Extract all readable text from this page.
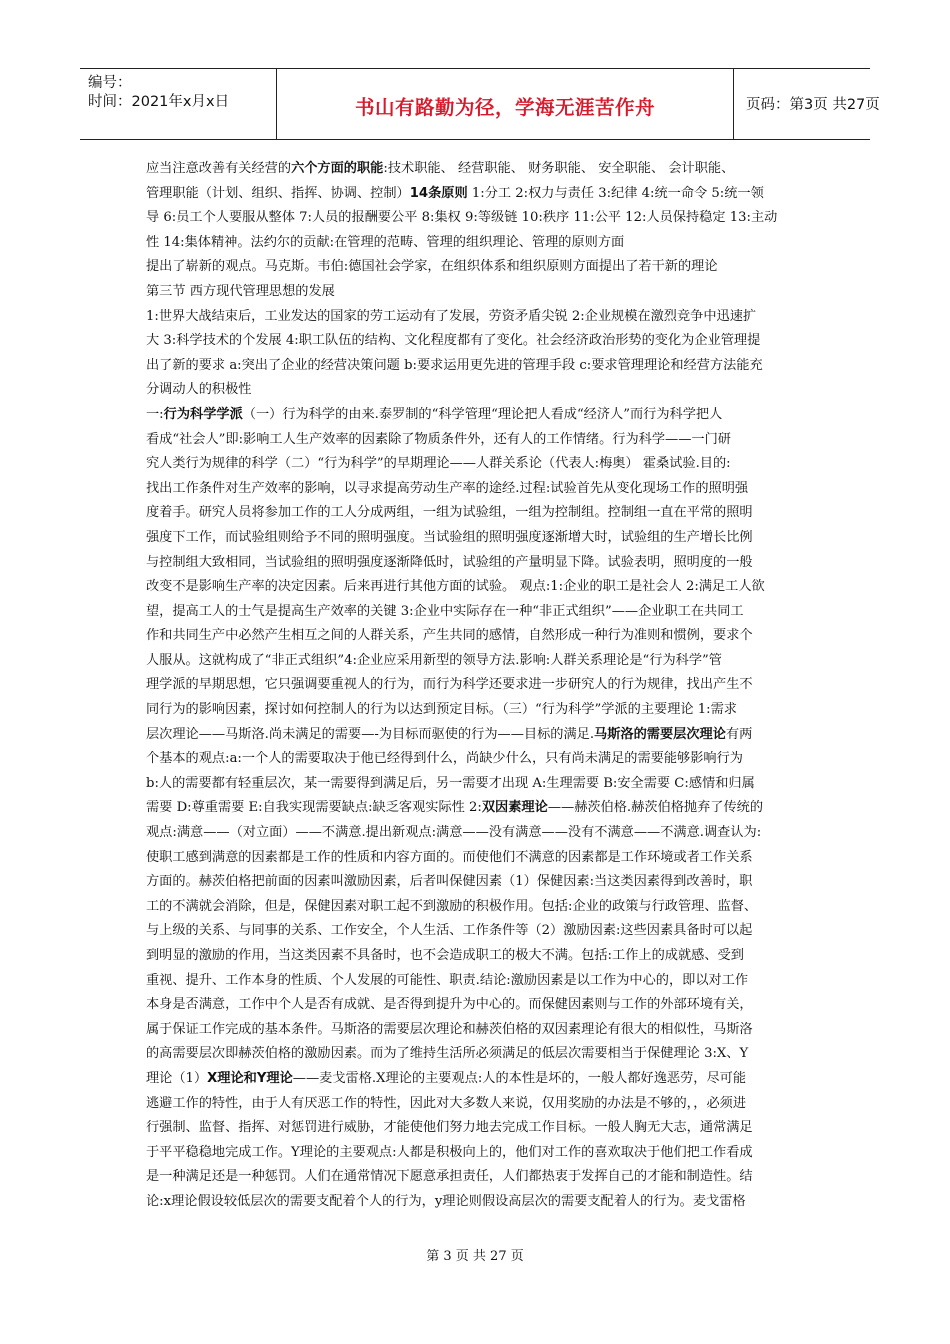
编号：
时间：2021年x月x日	书山有路勤为径，学海无涯苦作舟	页码：第3页 共27页
应当注意改善有关经营的六个方面的职能:技术职能、 经营职能、 财务职能、 安全职能、 会计职能、
管理职能（计划、组织、指挥、协调、控制）14条原则 1:分工 2:权力与责任 3:纪律 4:统一命令 5:统一领
导 6:员工个人要服从整体 7:人员的报酬要公平 8:集权 9:等级链 10:秩序 11:公平 12:人员保持稳定 13:主动
性 14:集体精神。法约尔的贡献:在管理的范畴、管理的组织理论、管理的原则方面
提出了崭新的观点。马克斯。韦伯:德国社会学家，在组织体系和组织原则方面提出了若干新的理论
第三节 西方现代管理思想的发展
1:世界大战结束后，工业发达的国家的劳工运动有了发展，劳资矛盾尖锐 2:企业规模在激烈竞争中迅速扩
大 3:科学技术的个发展 4:职工队伍的结构、文化程度都有了变化。社会经济政治形势的变化为企业管理提
出了新的要求 a:突出了企业的经营决策问题 b:要求运用更先进的管理手段 c:要求管理理论和经营方法能充
分调动人的积极性
一:行为科学学派（一）行为科学的由来.泰罗制的“科学管理“理论把人看成“经济人”而行为科学把人
看成“社会人”即:影响工人生产效率的因素除了物质条件外，还有人的工作情绪。行为科学——一门研
究人类行为规律的科学（二）“行为科学”的早期理论——人群关系论（代表人:梅奥） 霍桑试验.目的:
找出工作条件对生产效率的影响，以寻求提高劳动生产率的途经.过程:试验首先从变化现场工作的照明强
度着手。研究人员将参加工作的工人分成两组，一组为试验组，一组为控制组。控制组一直在平常的照明
强度下工作，而试验组则给予不同的照明强度。当试验组的照明强度逐渐增大时，试验组的生产增长比例
与控制组大致相同，当试验组的照明强度逐渐降低时，试验组的产量明显下降。试验表明，照明度的一般
改变不是影响生产率的决定因素。后来再进行其他方面的试验。 观点:1:企业的职工是社会人 2:满足工人欲
望，提高工人的士气是提高生产效率的关键 3:企业中实际存在一种“非正式组织”——企业职工在共同工
作和共同生产中必然产生相互之间的人群关系，产生共同的感情，自然形成一种行为准则和惯例，要求个
人服从。这就构成了“非正式组织”4:企业应采用新型的领导方法.影响:人群关系理论是“行为科学”管
理学派的早期思想，它只强调要重视人的行为，而行为科学还要求进一步研究人的行为规律，找出产生不
同行为的影响因素，探讨如何控制人的行为以达到预定目标。（三）“行为科学”学派的主要理论 1:需求
层次理论——马斯洛.尚未满足的需要—-为目标而驱使的行为——目标的满足.马斯洛的需要层次理论有两
个基本的观点:a:一个人的需要取决于他已经得到什么，尚缺少什么，只有尚未满足的需要能够影响行为
b:人的需要都有轻重层次，某一需要得到满足后，另一需要才出现 A:生理需要 B:安全需要 C:感情和归属
需要 D:尊重需要 E:自我实现需要缺点:缺乏客观实际性 2:双因素理论——赫茨伯格.赫茨伯格抛弃了传统的
观点:满意——（对立面）——不满意.提出新观点:满意——没有满意——没有不满意——不满意.调查认为:
使职工感到满意的因素都是工作的性质和内容方面的。而使他们不满意的因素都是工作环境或者工作关系
方面的。赫茨伯格把前面的因素叫激励因素，后者叫保健因素（1）保健因素:当这类因素得到改善时，职
工的不满就会消除，但是，保健因素对职工起不到激励的积极作用。包括:企业的政策与行政管理、监督、
与上级的关系、与同事的关系、工作安全，个人生活、工作条件等（2）激励因素:这些因素具备时可以起
到明显的激励的作用，当这类因素不具备时，也不会造成职工的极大不满。包括:工作上的成就感、受到
重视、提升、工作本身的性质、个人发展的可能性、职责.结论:激励因素是以工作为中心的，即以对工作
本身是否满意，工作中个人是否有成就、是否得到提升为中心的。而保健因素则与工作的外部环境有关，
属于保证工作完成的基本条件。马斯洛的需要层次理论和赫茨伯格的双因素理论有很大的相似性，马斯洛
的高需要层次即赫茨伯格的激励因素。而为了维持生活所必须满足的低层次需要相当于保健理论 3:X、Y
理论（1）X理论和Y理论——麦戈雷格.X理论的主要观点:人的本性是坏的，一般人都好逸恶劳，尽可能
逃避工作的特性，由于人有厌恶工作的特性，因此对大多数人来说，仅用奖励的办法是不够的，，必须进
行强制、监督、指挥、对惩罚进行威胁，才能使他们努力地去完成工作目标。一般人胸无大志，通常满足
于平平稳稳地完成工作。Y理论的主要观点:人都是积极向上的，他们对工作的喜欢取决于他们把工作看成
是一种满足还是一种惩罚。人们在通常情况下愿意承担责任，人们都热衷于发挥自己的才能和制造性。结
论:x理论假设较低层次的需要支配着个人的行为，y理论则假设高层次的需要支配着人的行为。麦戈雷格
第 3 页 共 27 页
